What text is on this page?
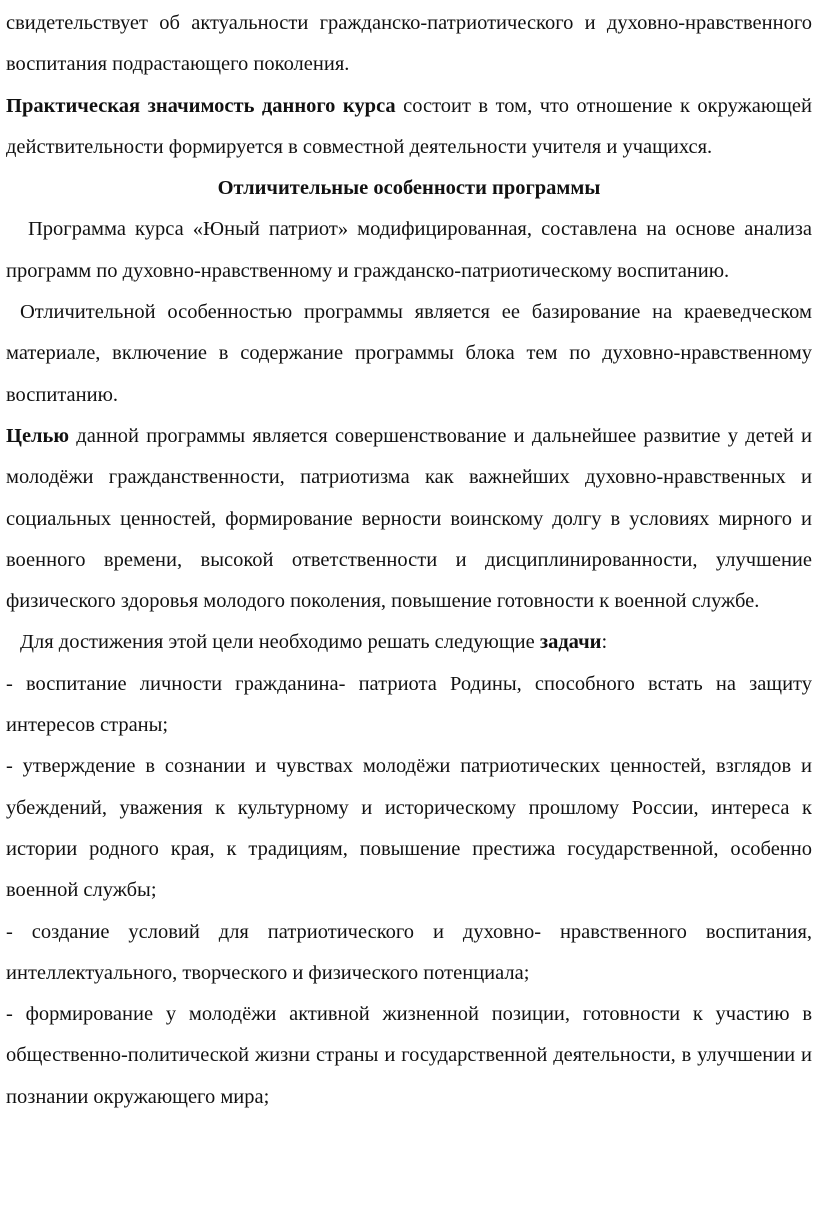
свидетельствует об актуальности гражданско-патриотического и духовно-нравственного воспитания подрастающего поколения.

Практическая значимость данного курса состоит в том, что отношение к окружающей действительности формируется в совместной деятельности учителя и учащихся.

Отличительные особенности программы

Программа курса «Юный патриот» модифицированная, составлена на основе анализа программ по духовно-нравственному и гражданско-патриотическому воспитанию.

Отличительной особенностью программы является ее базирование на краеведческом материале, включение в содержание программы блока тем по духовно-нравственному воспитанию.

Целью данной программы является совершенствование и дальнейшее развитие у детей и молодёжи гражданственности, патриотизма как важнейших духовно-нравственных и социальных ценностей, формирование верности воинскому долгу в условиях мирного и военного времени, высокой ответственности и дисциплинированности, улучшение физического здоровья молодого поколения, повышение готовности к военной службе.

Для достижения этой цели необходимо решать следующие задачи:

- воспитание личности гражданина- патриота Родины, способного встать на защиту интересов страны;

- утверждение в сознании и чувствах молодёжи патриотических ценностей, взглядов и убеждений, уважения к культурному и историческому прошлому России, интереса к истории родного края, к традициям, повышение престижа государственной, особенно военной службы;

- создание условий для патриотического и духовно- нравственного воспитания, интеллектуального, творческого и физического потенциала;

- формирование у молодёжи активной жизненной позиции, готовности к участию в общественно-политической жизни страны и государственной деятельности, в улучшении и познании окружающего мира;
